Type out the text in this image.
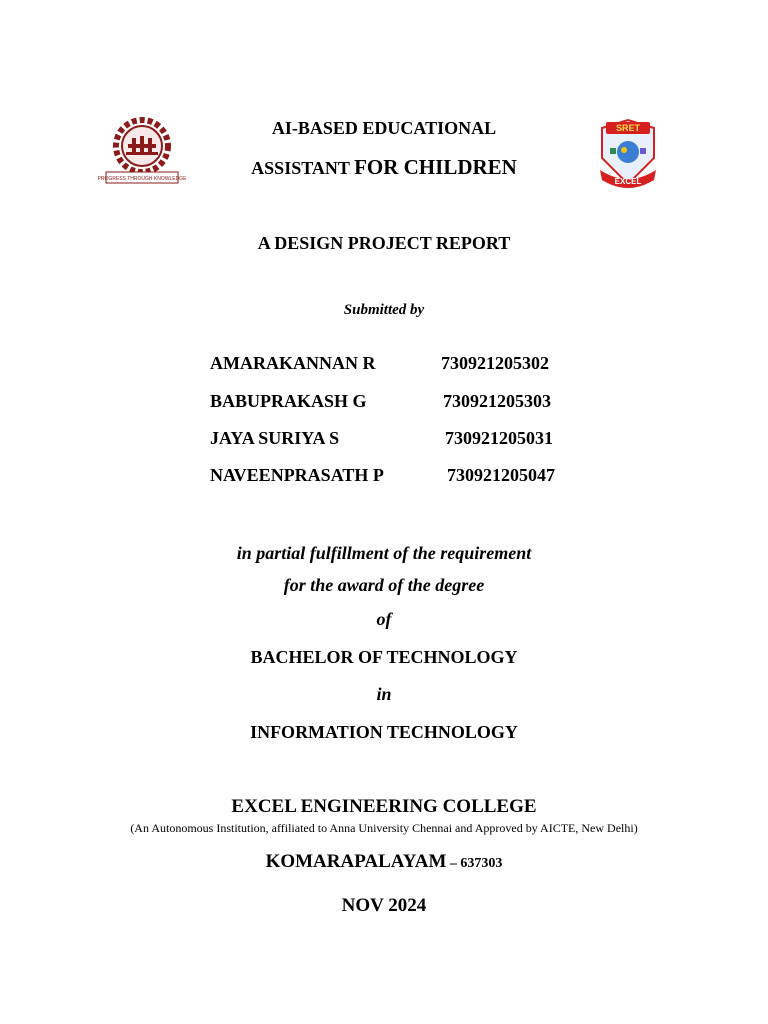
PROGRESS THROUGH KNOWLEDGE
SRET
EXCEL
AI-BASED EDUCATIONAL
ASSISTANT FOR CHILDREN
A DESIGN PROJECT REPORT
Submitted by
AMARAKANNAN R	730921205302
BABUPRAKASH G	730921205303
JAYA SURIYA S	730921205031
NAVEENPRASATH P	730921205047
in partial fulfillment of the requirement
for the award of the degree
of
BACHELOR OF TECHNOLOGY
in
INFORMATION TECHNOLOGY
EXCEL ENGINEERING COLLEGE
(An Autonomous Institution, affiliated to Anna University Chennai and Approved by AICTE, New Delhi)
KOMARAPALAYAM – 637303
NOV 2024
